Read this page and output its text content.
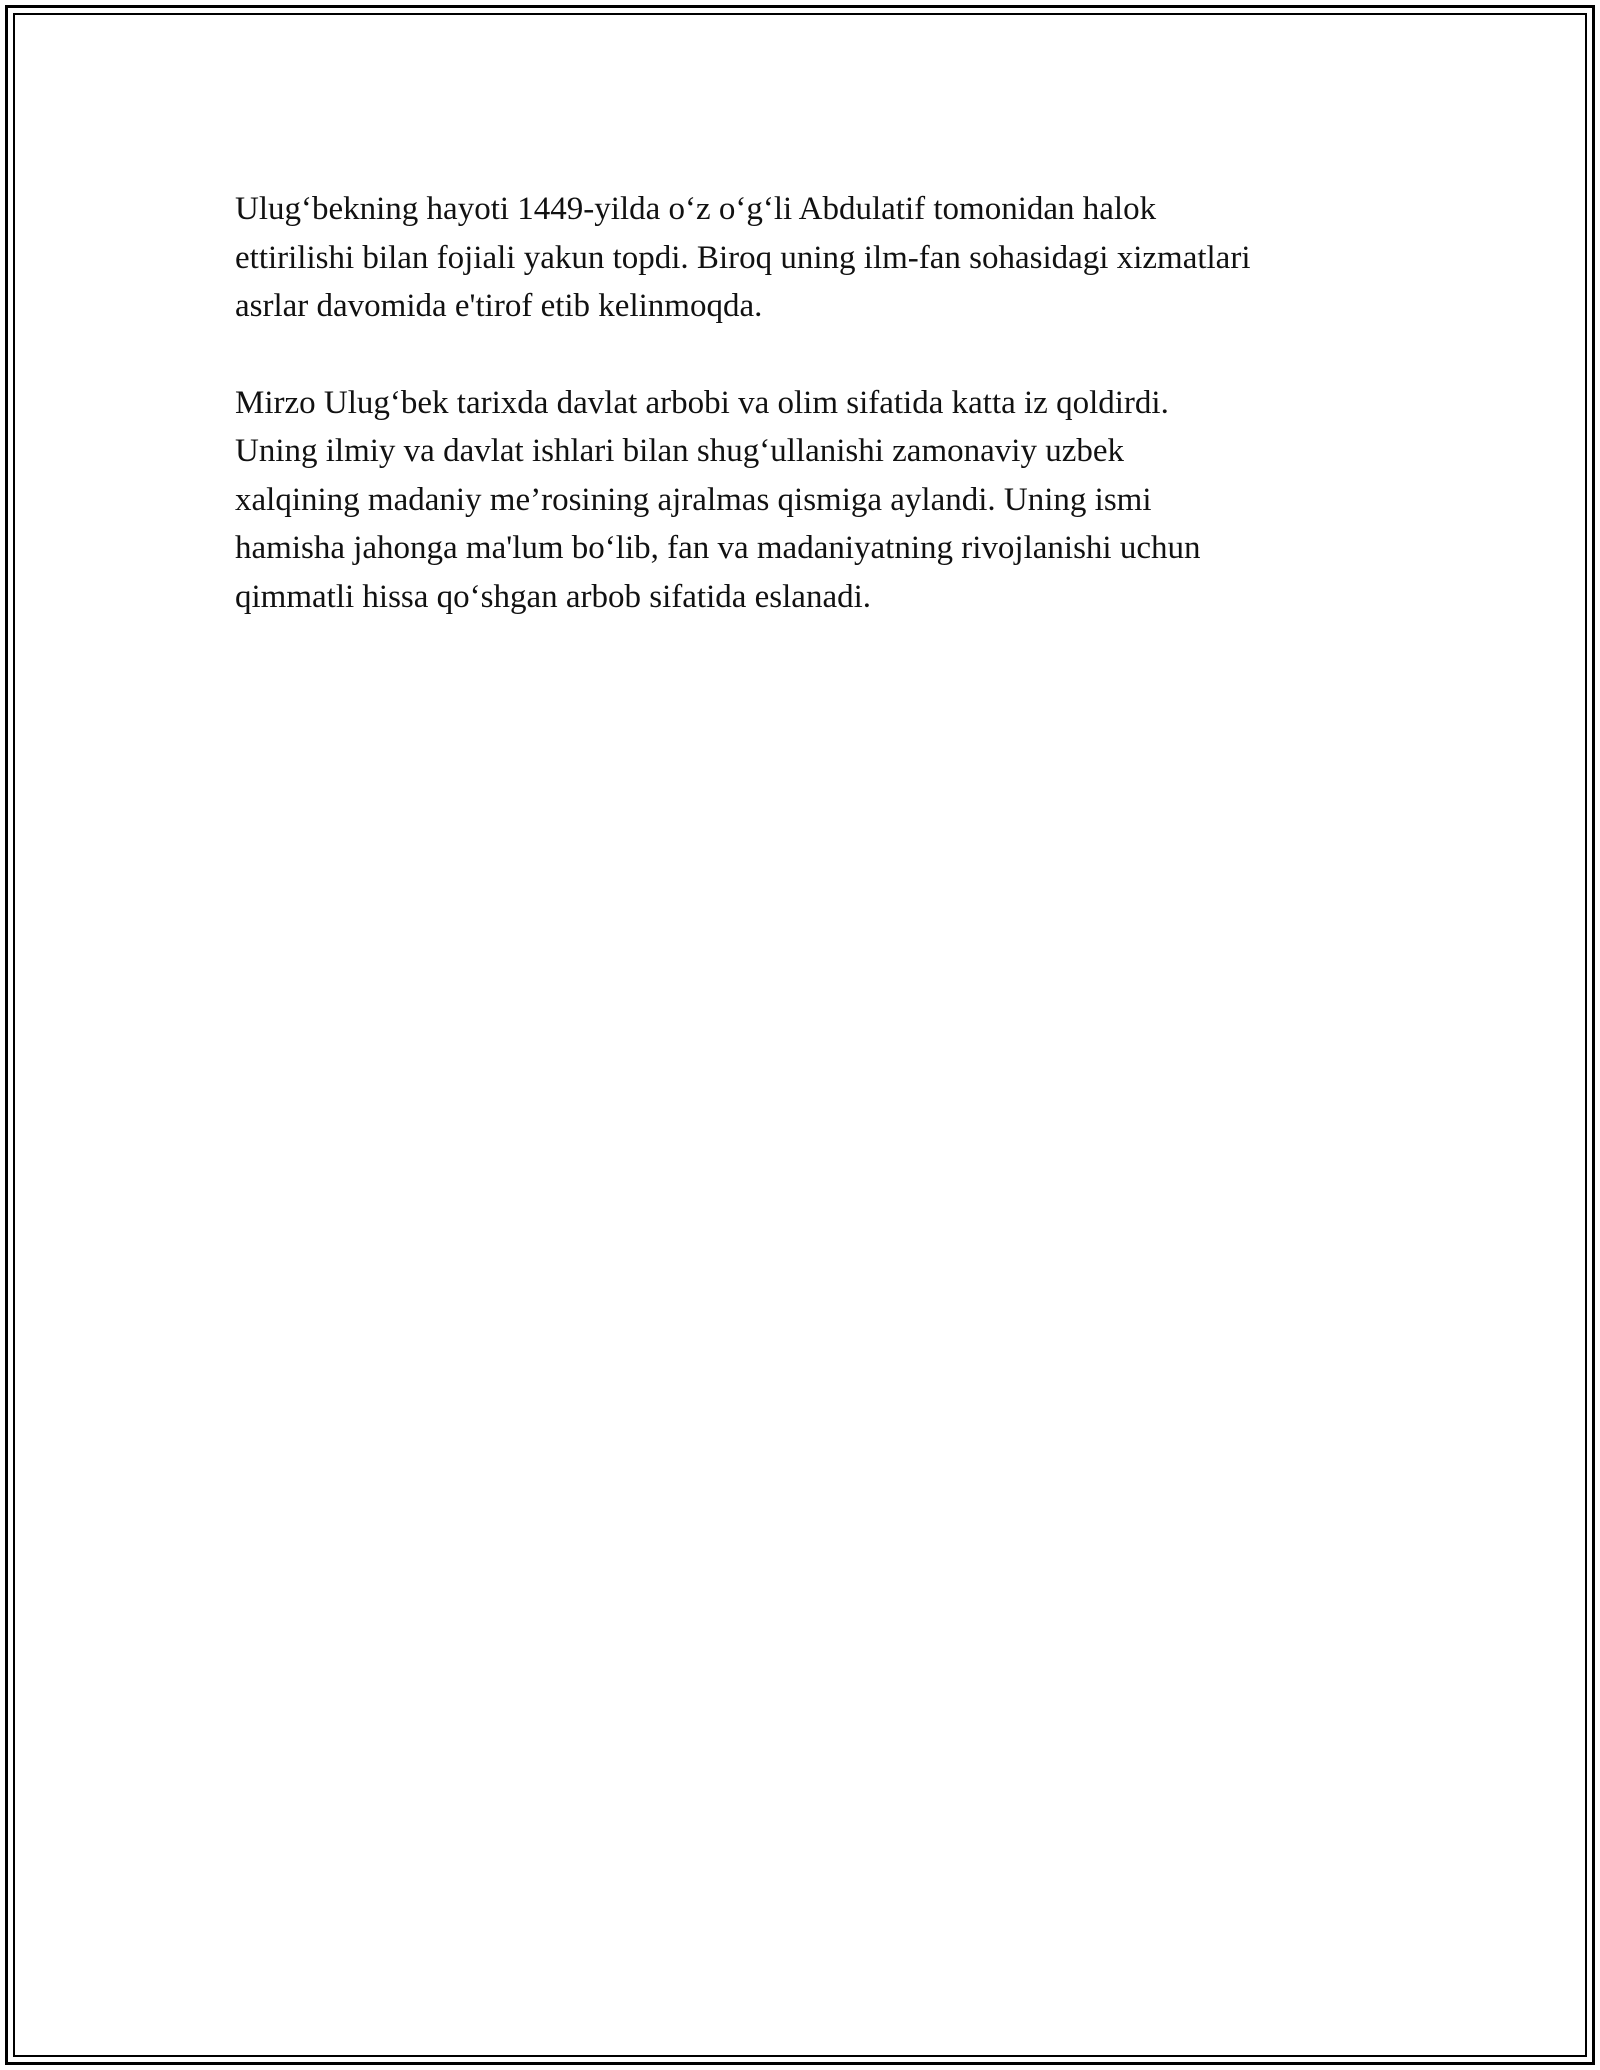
Ulug‘bekning hayoti 1449-yilda o‘z o‘g‘li Abdulatif tomonidan halok
ettirilishi bilan fojiali yakun topdi. Biroq uning ilm-fan sohasidagi xizmatlari
asrlar davomida e'tirof etib kelinmoqda.

Mirzo Ulug‘bek tarixda davlat arbobi va olim sifatida katta iz qoldirdi.
Uning ilmiy va davlat ishlari bilan shug‘ullanishi zamonaviy uzbek
xalqining madaniy me’rosining ajralmas qismiga aylandi. Uning ismi
hamisha jahonga ma'lum bo‘lib, fan va madaniyatning rivojlanishi uchun
qimmatli hissa qo‘shgan arbob sifatida eslanadi.
